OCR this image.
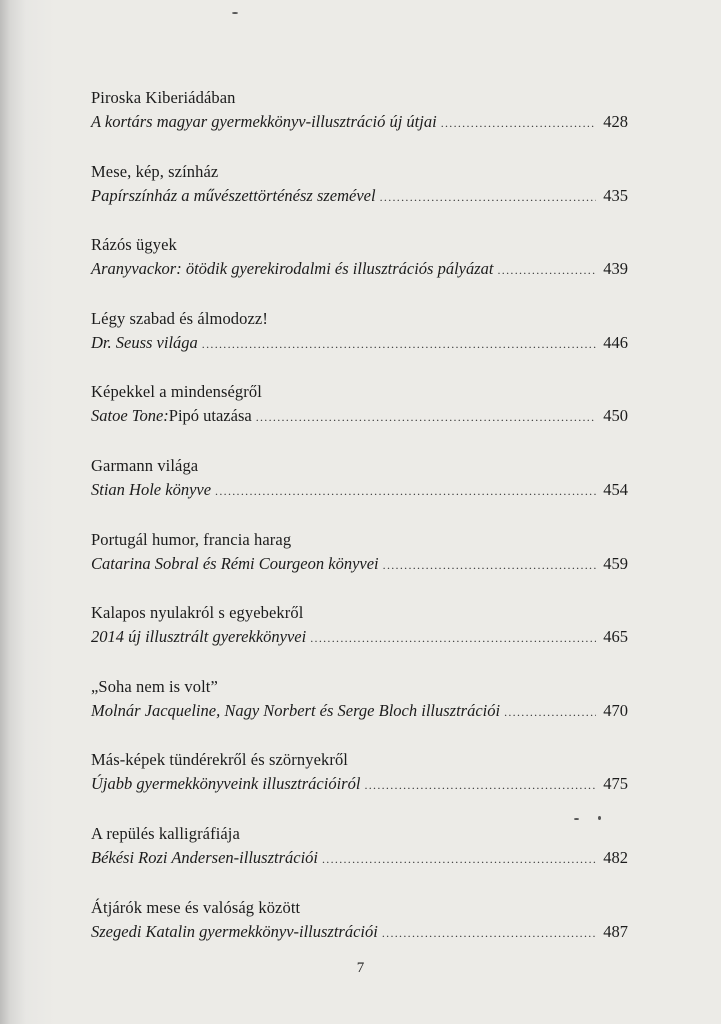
Piroska Kiberiádában
A kortárs magyar gyermekkönyv-illusztráció új útjai .....	428
Mese, kép, színház
Papírszínház a művészettörténész szemével .....	435
Rázós ügyek
Aranyvackor: ötödik gyerekirodalmi és illusztrációs pályázat .....	439
Légy szabad és álmodozz!
Dr. Seuss világa .....	446
Képekkel a mindenségről
Satoe Tone: Pipó utazása .....	450
Garmann világa
Stian Hole könyve .....	454
Portugál humor, francia harag
Catarina Sobral és Rémi Courgeon könyvei .....	459
Kalapos nyulakról s egyebekről
2014 új illusztrált gyerekkönyvei .....	465
„Soha nem is volt”
Molnár Jacqueline, Nagy Norbert és Serge Bloch illusztrációi .....	470
Más-képek tündérekről és szörnyekről
Újabb gyermekkönyveink illusztrációiról .....	475
A repülés kalligráfiája
Békési Rozi Andersen-illusztrációi .....	482
Átjárók mese és valóság között
Szegedi Katalin gyermekkönyv-illusztrációi .....	487
7
